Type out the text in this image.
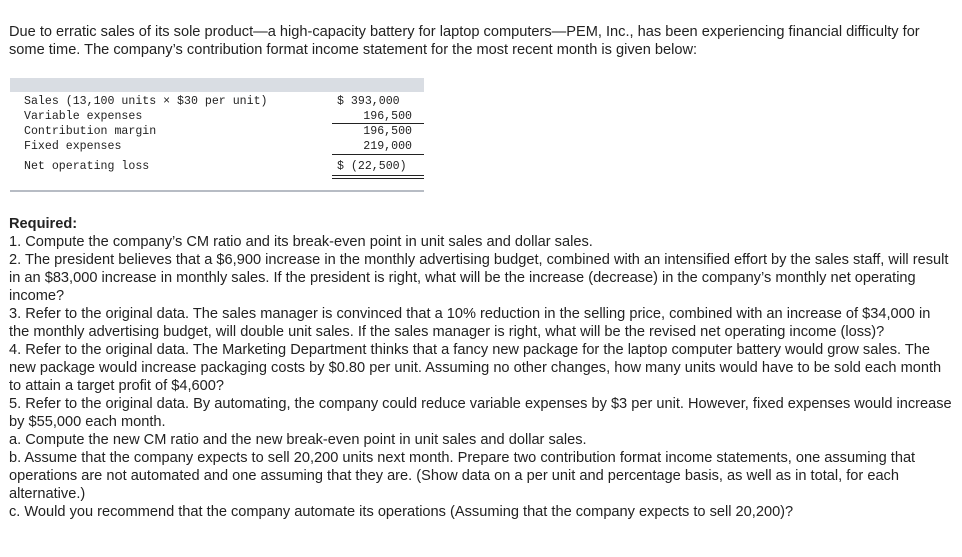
Due to erratic sales of its sole product—a high-capacity battery for laptop computers—PEM, Inc., has been experiencing financial difficulty for some time. The company’s contribution format income statement for the most recent month is given below:
Sales (13,100 units × $30 per unit)	$ 393,000
Variable expenses	196,500
Contribution margin	196,500
Fixed expenses	219,000
Net operating loss	$ (22,500)

Required:

1. Compute the company’s CM ratio and its break-even point in unit sales and dollar sales.

2. The president believes that a $6,900 increase in the monthly advertising budget, combined with an intensified effort by the sales staff, will result in an $83,000 increase in monthly sales. If the president is right, what will be the increase (decrease) in the company’s monthly net operating income?

3. Refer to the original data. The sales manager is convinced that a 10% reduction in the selling price, combined with an increase of $34,000 in the monthly advertising budget, will double unit sales. If the sales manager is right, what will be the revised net operating income (loss)?

4. Refer to the original data. The Marketing Department thinks that a fancy new package for the laptop computer battery would grow sales. The new package would increase packaging costs by $0.80 per unit. Assuming no other changes, how many units would have to be sold each month to attain a target profit of $4,600?

5. Refer to the original data. By automating, the company could reduce variable expenses by $3 per unit. However, fixed expenses would increase by $55,000 each month.

a. Compute the new CM ratio and the new break-even point in unit sales and dollar sales.

b. Assume that the company expects to sell 20,200 units next month. Prepare two contribution format income statements, one assuming that operations are not automated and one assuming that they are. (Show data on a per unit and percentage basis, as well as in total, for each alternative.)

c. Would you recommend that the company automate its operations (Assuming that the company expects to sell 20,200)?
